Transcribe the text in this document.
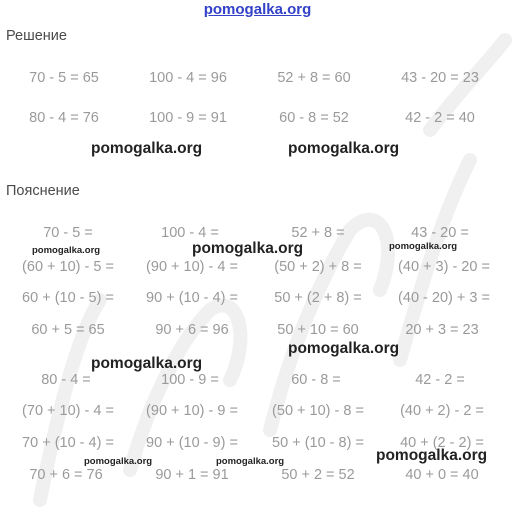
pomogalka.org
Решение
70 - 5 = 65	100 - 4 = 96	52 + 8 = 60	43 - 20 = 23
80 - 4 = 76	100 - 9 = 91	60 - 8 = 52	42 - 2 = 40
pomogalka.org	pomogalka.org
Пояснение
70 - 5 =	100 - 4 =	52 + 8 =	43 - 20 =
(60 + 10) - 5 =	(90 + 10) - 4 =	(50 + 2) + 8 =	(40 + 3) - 20 =
60 + (10 - 5) =	90 + (10 - 4) =	50 + (2 + 8) =	(40 - 20) + 3 =
60 + 5 = 65	90 + 6 = 96	50 + 10 = 60	20 + 3 = 23
pomogalka.org	pomogalka.org	pomogalka.org
pomogalka.org
pomogalka.org
80 - 4 =	100 - 9 =	60 - 8 =	42 - 2 =
(70 + 10) - 4 =	(90 + 10) - 9 =	(50 + 10) - 8 =	(40 + 2) - 2 =
70 + (10 - 4) =	90 + (10 - 9) =	50 + (10 - 8) =	40 + (2 - 2) =
70 + 6 = 76	90 + 1 = 91	50 + 2 = 52	40 + 0 = 40
pomogalka.org	pomogalka.org	pomogalka.org
